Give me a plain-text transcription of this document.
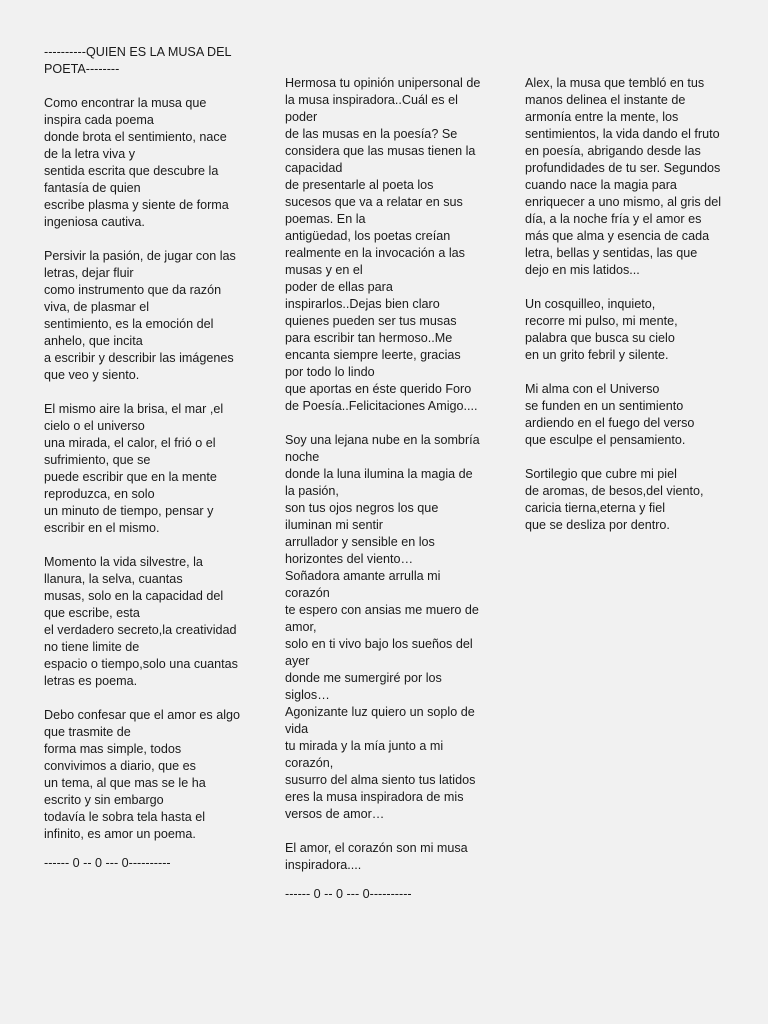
----------QUIEN ES LA MUSA DEL
POETA--------
Como encontrar la musa que
inspira cada poema
donde brota el sentimiento, nace
de la letra viva y
sentida escrita que descubre la
fantasía de quien
escribe plasma y siente de forma
ingeniosa cautiva.
Persivir la pasión, de jugar con las
letras, dejar fluir
como instrumento que da razón
viva, de plasmar el
sentimiento, es la emoción del
anhelo, que incita
a escribir y describir las imágenes
que veo y siento.
El mismo aire la brisa, el mar ,el
cielo o el universo
una mirada, el calor, el frió o el
sufrimiento, que se
puede escribir que en la mente
reproduzca, en solo
un minuto de tiempo, pensar y
escribir en el mismo.
Momento la vida silvestre, la
llanura, la selva, cuantas
musas, solo en la capacidad del
que escribe, esta
el verdadero secreto,la creatividad
no tiene limite de
espacio o tiempo,solo una cuantas
letras es poema.
Debo confesar que el amor es algo
que trasmite de
forma mas simple, todos
convivimos a diario, que es
un tema, al que mas se le ha
escrito y sin embargo
todavía le sobra tela hasta el
infinito, es amor un poema.
------ 0 -- 0 --- 0----------
Hermosa tu opinión unipersonal de
la musa inspiradora..Cuál es el
poder
de las musas en la poesía? Se
considera que las musas tienen la
capacidad
de presentarle al poeta los
sucesos que va a relatar en sus
poemas. En la
antigüedad, los poetas creían
realmente en la invocación a las
musas y en el
poder de ellas para
inspirarlos..Dejas bien claro
quienes pueden ser tus musas
para escribir tan hermoso..Me
encanta siempre leerte, gracias
por todo lo lindo
que aportas en éste querido Foro
de Poesía..Felicitaciones Amigo....
Soy una lejana nube en la sombría
noche
donde la luna ilumina la magia de
la pasión,
son tus ojos negros los que
iluminan mi sentir
arrullador y sensible en los
horizontes del viento…
Soñadora amante arrulla mi
corazón
te espero con ansias me muero de
amor,
solo en ti vivo bajo los sueños del
ayer
donde me sumergiré por los
siglos…
Agonizante luz quiero un soplo de
vida
tu mirada y la mía junto a mi
corazón,
susurro del alma siento tus latidos
eres la musa inspiradora de mis
versos de amor…
El amor, el corazón son mi musa
inspiradora....
------ 0 -- 0 --- 0----------
Alex, la musa que tembló en tus
manos delinea el instante de
armonía entre la mente, los
sentimientos, la vida dando el fruto
en poesía, abrigando desde las
profundidades de tu ser. Segundos
cuando nace la magia para
enriquecer a uno mismo, al gris del
día, a la noche fría y el amor es
más que alma y esencia de cada
letra, bellas y sentidas, las que
dejo en mis latidos...
Un cosquilleo, inquieto,
recorre mi pulso, mi mente,
palabra que busca su cielo
en un grito febril y silente.
Mi alma con el Universo
se funden en un sentimiento
ardiendo en el fuego del verso
que esculpe el pensamiento.
Sortilegio que cubre mi piel
de aromas, de besos,del viento,
caricia tierna,eterna y fiel
que se desliza por dentro.
